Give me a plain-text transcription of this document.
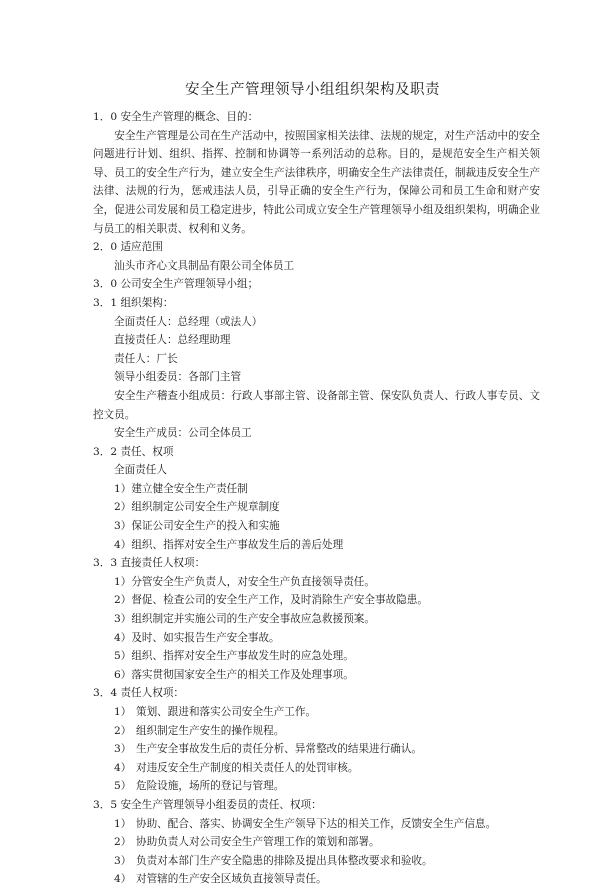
安全生产管理领导小组组织架构及职责
1．0 安全生产管理的概念、目的：
安全生产管理是公司在生产活动中，按照国家相关法律、法规的规定，对生产活动中的安全问题进行计划、组织、指挥、控制和协调等一系列活动的总称。目的，是规范安全生产相关领导、员工的安全生产行为，建立安全生产法律秩序，明确安全生产法律责任，制裁违反安全生产法律、法规的行为，惩戒违法人员，引导正确的安全生产行为，保障公司和员工生命和财产安全，促进公司发展和员工稳定进步，特此公司成立安全生产管理领导小组及组织架构，明确企业与员工的相关职责、权利和义务。
2．0 适应范围
汕头市齐心文具制品有限公司全体员工
3．0 公司安全生产管理领导小组；
3．1 组织架构：
全面责任人：总经理（或法人）
直接责任人：总经理助理
责任人：厂长
领导小组委员：各部门主管
安全生产稽查小组成员：行政人事部主管、设备部主管、保安队负责人、行政人事专员、文控文员。
安全生产成员：公司全体员工
3．2 责任、权项
全面责任人
1）建立健全安全生产责任制
2）组织制定公司安全生产规章制度
3）保证公司安全生产的投入和实施
4）组织、指挥对安全生产事故发生后的善后处理
3．3 直接责任人权项：
1）分管安全生产负责人，对安全生产负直接领导责任。
2）督促、检查公司的安全生产工作，及时消除生产安全事故隐患。
3）组织制定并实施公司的生产安全事故应急救援预案。
4）及时、如实报告生产安全事故。
5）组织、指挥对安全生产事故发生时的应急处理。
6）落实贯彻国家安全生产的相关工作及处理事项。
3．4 责任人权项：
1） 策划、跟进和落实公司安全生产工作。
2） 组织制定生产安生的操作规程。
3） 生产安全事故发生后的责任分析、异常整改的结果进行确认。
4） 对违反安全生产制度的相关责任人的处罚审核。
5） 危险设施，场所的登记与管理。
3．5 安全生产管理领导小组委员的责任、权项：
1） 协助、配合、落实、协调安全生产领导下达的相关工作，反馈安全生产信息。
2） 协助负责人对公司安全生产管理工作的策划和部署。
3） 负责对本部门生产安全隐患的排除及提出具体整改要求和验收。
4） 对管辖的生产安全区域负直接领导责任。
